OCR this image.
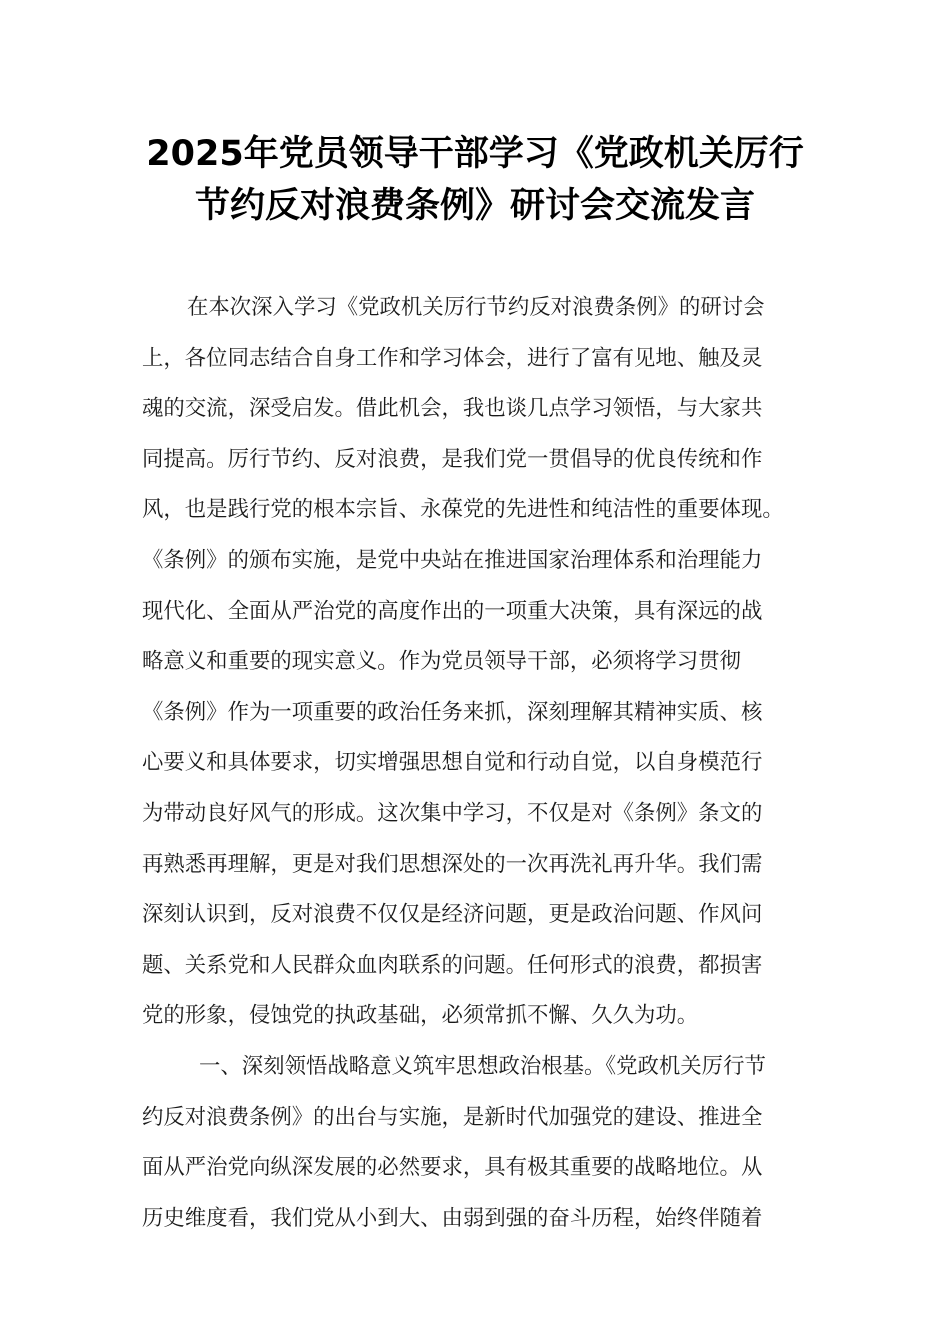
2025年党员领导干部学习《党政机关厉行
节约反对浪费条例》研讨会交流发言
在本次深入学习《党政机关厉行节约反对浪费条例》的研讨会
上，各位同志结合自身工作和学习体会，进行了富有见地、触及灵
魂的交流，深受启发。借此机会，我也谈几点学习领悟，与大家共
同提高。厉行节约、反对浪费，是我们党一贯倡导的优良传统和作
风，也是践行党的根本宗旨、永葆党的先进性和纯洁性的重要体现。
《条例》的颁布实施，是党中央站在推进国家治理体系和治理能力
现代化、全面从严治党的高度作出的一项重大决策，具有深远的战
略意义和重要的现实意义。作为党员领导干部，必须将学习贯彻
《条例》作为一项重要的政治任务来抓，深刻理解其精神实质、核
心要义和具体要求，切实增强思想自觉和行动自觉，以自身模范行
为带动良好风气的形成。这次集中学习，不仅是对《条例》条文的
再熟悉再理解，更是对我们思想深处的一次再洗礼再升华。我们需
深刻认识到，反对浪费不仅仅是经济问题，更是政治问题、作风问
题、关系党和人民群众血肉联系的问题。任何形式的浪费，都损害
党的形象，侵蚀党的执政基础，必须常抓不懈、久久为功。
一、深刻领悟战略意义筑牢思想政治根基。《党政机关厉行节
约反对浪费条例》的出台与实施，是新时代加强党的建设、推进全
面从严治党向纵深发展的必然要求，具有极其重要的战略地位。从
历史维度看，我们党从小到大、由弱到强的奋斗历程，始终伴随着
